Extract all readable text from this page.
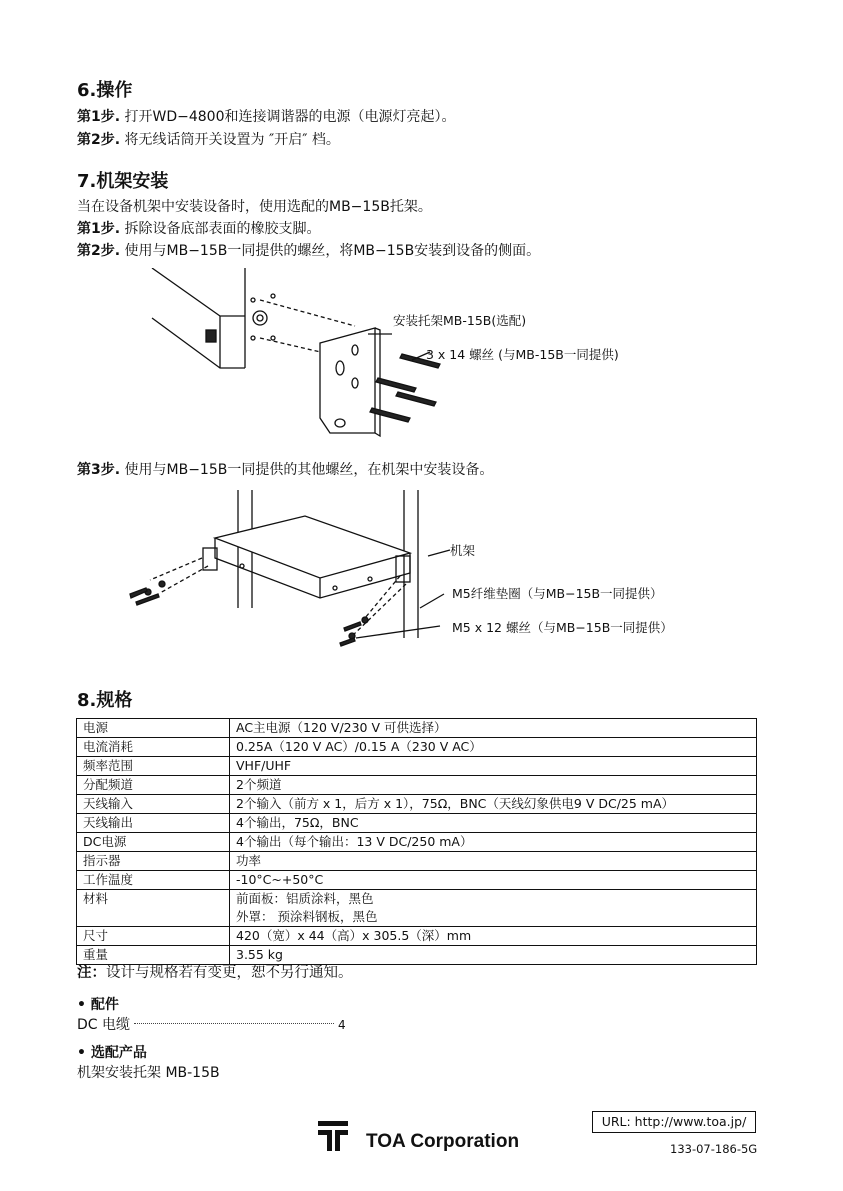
6.操作
第1步. 打开WD−4800和连接调谐器的电源（电源灯亮起）。
第2步. 将无线话筒开关设置为 ″开启″ 档。
7.机架安装
当在设备机架中安装设备时，使用选配的MB−15B托架。
第1步. 拆除设备底部表面的橡胶支脚。
第2步. 使用与MB−15B一同提供的螺丝，将MB−15B安装到设备的侧面。
安装托架MB-15B(选配)
3 x 14 螺丝 (与MB-15B一同提供)
第3步. 使用与MB−15B一同提供的其他螺丝，在机架中安装设备。
机架
M5纤维垫圈（与MB−15B一同提供）
M5 x 12 螺丝（与MB−15B一同提供）
8.规格
电源	AC主电源（120 V/230 V 可供选择）
电流消耗	0.25A（120 V AC）/0.15 A（230 V AC）
频率范围	VHF/UHF
分配频道	2个频道
天线输入	2个输入（前方 x 1，后方 x 1），75Ω，BNC（天线幻象供电9 V DC/25 mA）
天线输出	4个输出，75Ω，BNC
DC电源	4个输出（每个输出：13 V DC/250 mA）
指示器	功率
工作温度	-10°C~+50°C
材料	前面板：铝质涂料，黑色
外罩： 预涂料钢板，黑色

尺寸	420（宽）x 44（高）x 305.5（深）mm
重量	3.55 kg
注：设计与规格若有变更，恕不另行通知。
• 配件
DC 电缆	4
• 选配产品
机架安装托架 MB-15B
URL: http://www.toa.jp/
TOA Corporation	133-07-186-5G
